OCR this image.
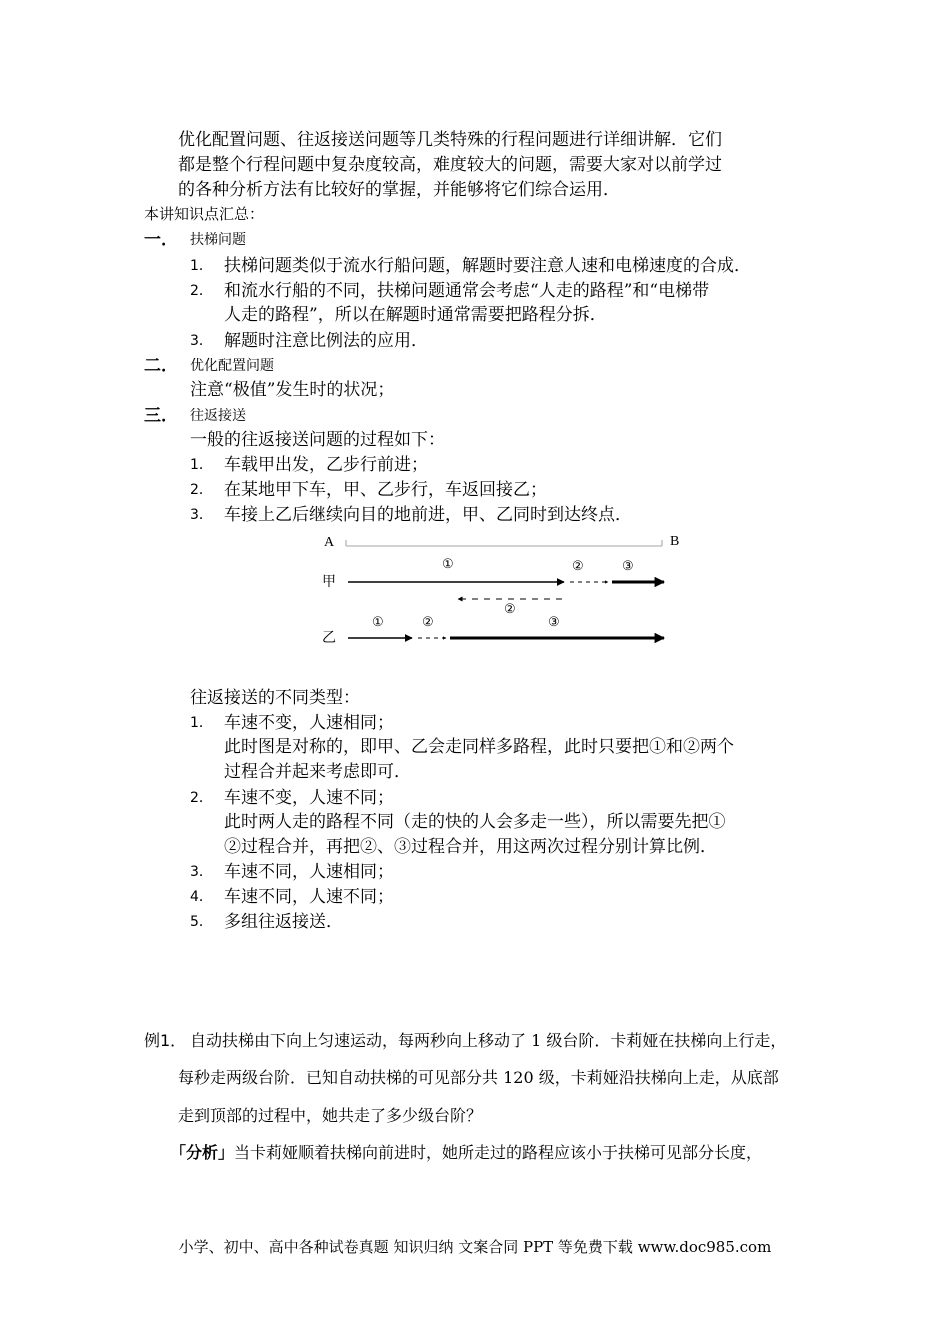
优化配置问题、往返接送问题等几类特殊的行程问题进行详细讲解．它们
都是整个行程问题中复杂度较高，难度较大的问题，需要大家对以前学过
的各种分析方法有比较好的掌握，并能够将它们综合运用．
本讲知识点汇总：
一． 扶梯问题
1． 扶梯问题类似于流水行船问题，解题时要注意人速和电梯速度的合成．
2． 和流水行船的不同，扶梯问题通常会考虑“人走的路程”和“电梯带
人走的路程”，所以在解题时通常需要把路程分拆．
3． 解题时注意比例法的应用．
二． 优化配置问题
注意“极值”发生时的状况；
三． 往返接送
一般的往返接送问题的过程如下：
1． 车载甲出发，乙步行前进；
2． 在某地甲下车，甲、乙步行，车返回接乙；
3． 车接上乙后继续向目的地前进，甲、乙同时到达终点．
A	B
甲
①	②	③
②
乙
①	②	③
往返接送的不同类型：
1． 车速不变，人速相同；
此时图是对称的，即甲、乙会走同样多路程，此时只要把①和②两个
过程合并起来考虑即可．
2． 车速不变，人速不同；
此时两人走的路程不同（走的快的人会多走一些），所以需要先把①
②过程合并，再把②、③过程合并，用这两次过程分别计算比例．
3． 车速不同，人速相同；
4． 车速不同，人速不同；
5． 多组往返接送．
例1． 自动扶梯由下向上匀速运动，每两秒向上移动了 1 级台阶．卡莉娅在扶梯向上行走，
每秒走两级台阶．已知自动扶梯的可见部分共 120 级，卡莉娅沿扶梯向上走，从底部
走到顶部的过程中，她共走了多少级台阶？
「分析」当卡莉娅顺着扶梯向前进时，她所走过的路程应该小于扶梯可见部分长度，
小学、初中、高中各种试卷真题 知识归纳 文案合同 PPT 等免费下载 www.doc985.com
